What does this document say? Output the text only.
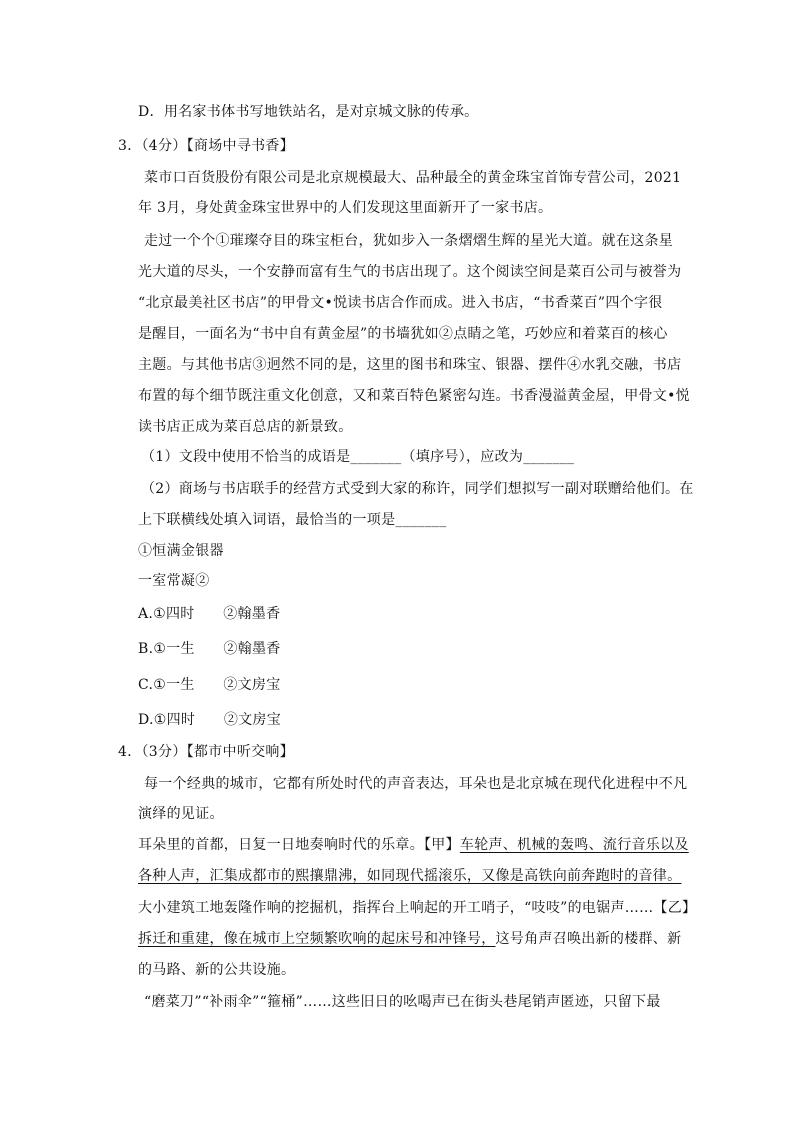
D．用名家书体书写地铁站名，是对京城文脉的传承。
3．（4分）【商场中寻书香】
菜市口百货股份有限公司是北京规模最大、品种最全的黄金珠宝首饰专营公司，2021
年 3月，身处黄金珠宝世界中的人们发现这里面新开了一家书店。
走过一个个①璀璨夺目的珠宝柜台，犹如步入一条熠熠生辉的星光大道。就在这条星
光大道的尽头，一个安静而富有生气的书店出现了。这个阅读空间是菜百公司与被誉为
“北京最美社区书店”的甲骨文•悦读书店合作而成。进入书店，“书香菜百”四个字很
是醒目，一面名为“书中自有黄金屋”的书墙犹如②点睛之笔，巧妙应和着菜百的核心
主题。与其他书店③迥然不同的是，这里的图书和珠宝、银器、摆件④水乳交融，书店
布置的每个细节既注重文化创意，又和菜百特色紧密勾连。书香漫溢黄金屋，甲骨文•悦
读书店正成为菜百总店的新景致。
（1）文段中使用不恰当的成语是_______（填序号），应改为_______
（2）商场与书店联手的经营方式受到大家的称许，同学们想拟写一副对联赠给他们。在
上下联横线处填入词语，最恰当的一项是_______
①恒满金银器
一室常凝②
A.①四时　　②翰墨香
B.①一生　　②翰墨香
C.①一生　　②文房宝
D.①四时　　②文房宝
4．（3分）【都市中听交响】
每一个经典的城市，它都有所处时代的声音表达，耳朵也是北京城在现代化进程中不凡
演绎的见证。
耳朵里的首都，日复一日地奏响时代的乐章。【甲】车轮声、机械的轰鸣、流行音乐以及
各种人声，汇集成都市的熙攘鼎沸，如同现代摇滚乐，又像是高铁向前奔跑时的音律。
大小建筑工地轰隆作响的挖掘机，指挥台上响起的开工哨子，“吱吱”的电锯声……【乙】
拆迁和重建，像在城市上空频繁吹响的起床号和冲锋号，这号角声召唤出新的楼群、新
的马路、新的公共设施。
“磨菜刀”“补雨伞”“箍桶”……这些旧日的吆喝声已在街头巷尾销声匿迹，只留下最
